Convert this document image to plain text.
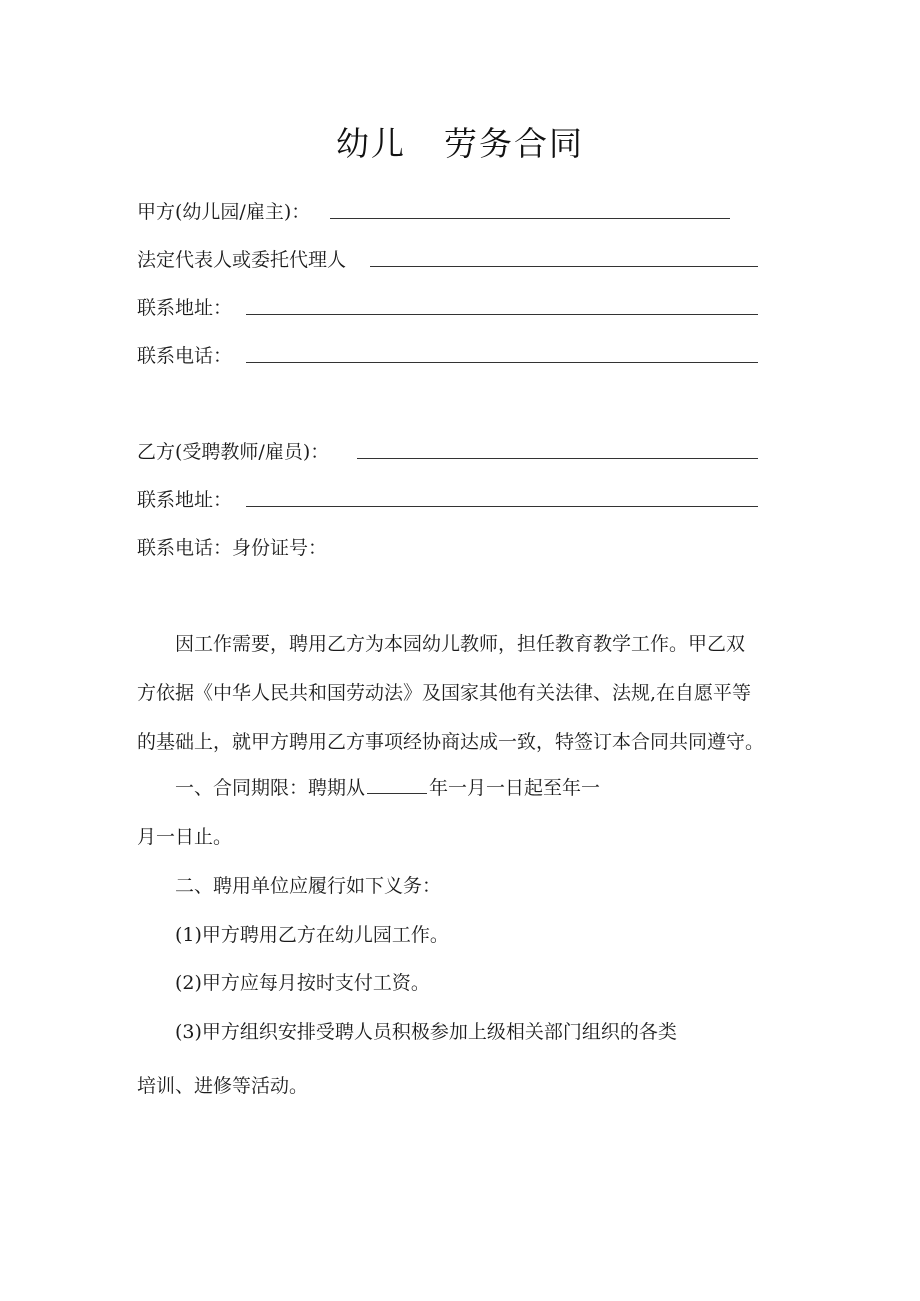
幼儿 劳务合同
甲方(幼儿园/雇主)：
法定代表人或委托代理人
联系地址：
联系电话：
乙方(受聘教师/雇员)：
联系地址：
联系电话：身份证号：
因工作需要，聘用乙方为本园幼儿教师，担任教育教学工作。甲乙双
方依据《中华人民共和国劳动法》及国家其他有关法律、法规,在自愿平等
的基础上，就甲方聘用乙方事项经协商达成一致，特签订本合同共同遵守。
一、合同期限：聘期从	年一月一日起至年一
月一日止。
二、聘用单位应履行如下义务：
(1)甲方聘用乙方在幼儿园工作。
(2)甲方应每月按时支付工资。
(3)甲方组织安排受聘人员积极参加上级相关部门组织的各类
培训、进修等活动。
